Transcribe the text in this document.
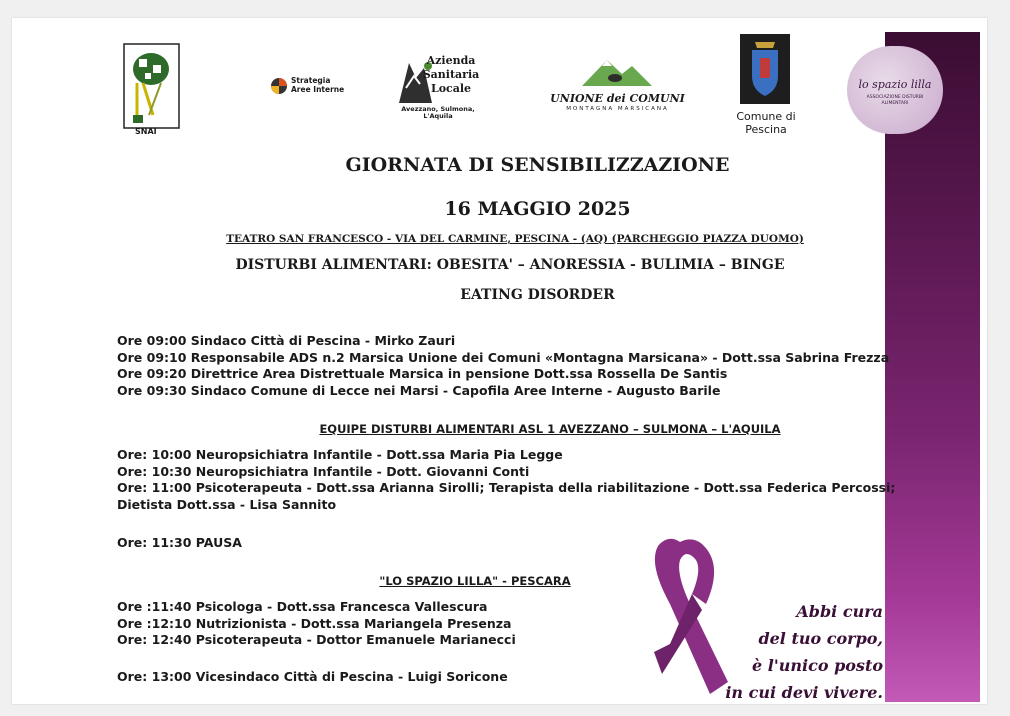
SNAI
Strategia Aree Interne
Azienda Sanitaria Locale
Avezzano, Sulmona, L'Aquila
UNIONE dei COMUNI
MONTAGNA MARSICANA
Comune di Pescina
lo spazio lilla
ASSOCIAZIONE DISTURBI ALIMENTARI
GIORNATA DI SENSIBILIZZAZIONE
16 MAGGIO 2025
TEATRO SAN FRANCESCO - VIA DEL CARMINE, PESCINA - (AQ) (PARCHEGGIO PIAZZA DUOMO)
DISTURBI ALIMENTARI: OBESITA' – ANORESSIA - BULIMIA – BINGE
EATING DISORDER
Ore 09:00 Sindaco Città di Pescina - Mirko Zauri
Ore 09:10 Responsabile ADS n.2 Marsica Unione dei Comuni «Montagna Marsicana» - Dott.ssa Sabrina Frezza
Ore 09:20 Direttrice Area Distrettuale Marsica in pensione Dott.ssa Rossella De Santis
Ore 09:30 Sindaco Comune di Lecce nei Marsi - Capofila Aree Interne - Augusto Barile
EQUIPE DISTURBI ALIMENTARI ASL 1 AVEZZANO – SULMONA – L'AQUILA
Ore: 10:00 Neuropsichiatra Infantile - Dott.ssa Maria Pia Legge
Ore: 10:30 Neuropsichiatra Infantile - Dott. Giovanni Conti
Ore: 11:00 Psicoterapeuta - Dott.ssa Arianna Sirolli; Terapista della riabilitazione - Dott.ssa Federica Percossi;
Dietista Dott.ssa - Lisa Sannito
Ore: 11:30 PAUSA
"LO SPAZIO LILLA" - PESCARA
Ore :11:40 Psicologa - Dott.ssa Francesca Vallescura
Ore :12:10 Nutrizionista - Dott.ssa Mariangela Presenza
Ore: 12:40 Psicoterapeuta - Dottor Emanuele Marianecci
Ore: 13:00 Vicesindaco Città di Pescina - Luigi Soricone
Abbi cura
del tuo corpo,
è l'unico posto
in cui devi vivere.
